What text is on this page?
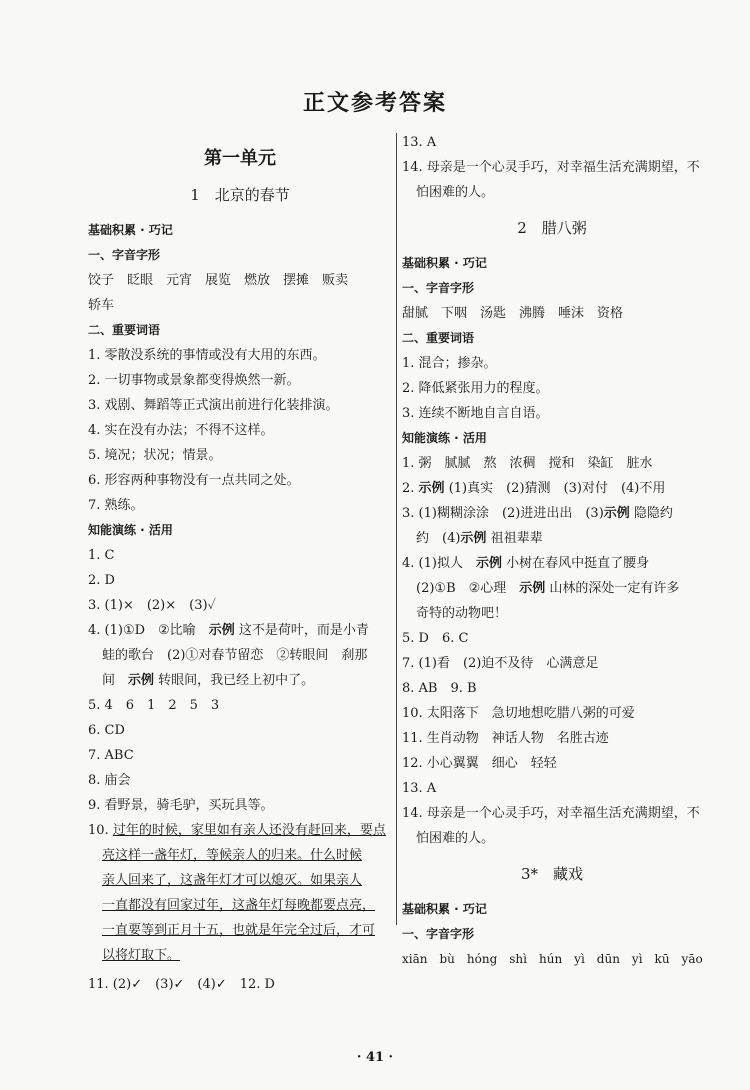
正文参考答案
第一单元
1　北京的春节
基础积累 · 巧记
一、字音字形
饺子　眨眼　元宵　展览　燃放　摆摊　贩卖
轿车
二、重要词语
1. 零散没系统的事情或没有大用的东西。
2. 一切事物或景象都变得焕然一新。
3. 戏剧、舞蹈等正式演出前进行化装排演。
4. 实在没有办法；不得不这样。
5. 境况；状况；情景。
6. 形容两种事物没有一点共同之处。
7. 熟练。
知能演练 · 活用
1. C
2. D
3. (1)×　(2)×　(3)✓
4. (1)①D　②比喻　示例 这不是荷叶，而是小青
蛙的歌台　(2)①对春节留恋　②转眼间　刹那
间　示例 转眼间，我已经上初中了。
5. 4　6　1　2　5　3
6. CD
7. ABC
8. 庙会
9. 看野景，骑毛驴，买玩具等。
10. 过年的时候，家里如有亲人还没有赶回来，要点
亮这样一盏年灯，等候亲人的归来。什么时候
亲人回来了，这盏年灯才可以熄灭。如果亲人
一直都没有回家过年，这盏年灯每晚都要点亮，
一直要等到正月十五，也就是年完全过后，才可
以将灯取下。
11. (2)✓　(3)✓　(4)✓　12. D
13. A
14. 母亲是一个心灵手巧，对幸福生活充满期望，不
怕困难的人。
2　腊八粥
基础积累 · 巧记
一、字音字形
甜腻　下咽　汤匙　沸腾　唾沫　资格
二、重要词语
1. 混合；掺杂。
2. 降低紧张用力的程度。
3. 连续不断地自言自语。
知能演练 · 活用
1. 粥　腻腻　熬　浓稠　搅和　染缸　脏水
2. 示例 (1)真实　(2)猜测　(3)对付　(4)不用
3. (1)糊糊涂涂　(2)进进出出　(3)示例 隐隐约
约　(4)示例 祖祖辈辈
4. (1)拟人　示例 小树在春风中挺直了腰身
(2)①B　②心理　示例 山林的深处一定有许多
奇特的动物吧！
5. D　6. C
7. (1)看　(2)迫不及待　心满意足
8. AB　9. B
10. 太阳落下　急切地想吃腊八粥的可爱
11. 生肖动物　神话人物　名胜古迹
12. 小心翼翼　细心　轻轻
13. A
14. 母亲是一个心灵手巧，对幸福生活充满期望，不
怕困难的人。
3*　藏戏
基础积累 · 巧记
一、字音字形
xiān　bù　hóng　shì　hún　yì　dūn　yì　kū　yāo
· 41 ·
